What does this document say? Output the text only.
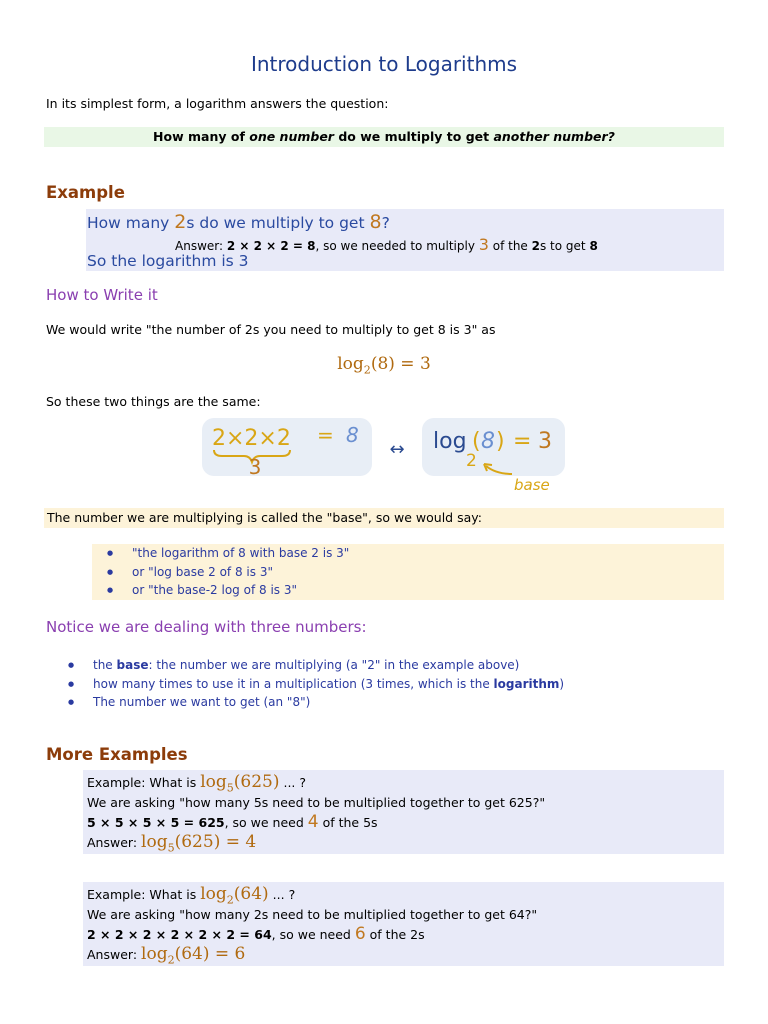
Introduction to Logarithms
In its simplest form, a logarithm answers the question:
How many of one number do we multiply to get another number?
Example
How many 2s do we multiply to get 8?
Answer: 2 × 2 × 2 = 8, so we needed to multiply 3 of the 2s to get 8
So the logarithm is 3
How to Write it
We would write "the number of 2s you need to multiply to get 8 is 3" as
$\log_2(8) = 3$
So these two things are the same:
2×2×2
3
= 8
↔ log ( 8 ) = 3
2
base
The number we are multiplying is called the "base", so we would say:
● "the logarithm of 8 with base 2 is 3"
● or "log base 2 of 8 is 3"
● or "the base-2 log of 8 is 3"
Notice we are dealing with three numbers:
● the base: the number we are multiplying (a "2" in the example above)
● how many times to use it in a multiplication (3 times, which is the logarithm)
● The number we want to get (an "8")
More Examples
Example: What is $\log_5(625)$ ... ?
We are asking "how many 5s need to be multiplied together to get 625?"
5 × 5 × 5 × 5 = 625, so we need 4 of the 5s
Answer: $\log_5(625) = 4$
Example: What is $\log_2(64)$ ... ?
We are asking "how many 2s need to be multiplied together to get 64?"
2 × 2 × 2 × 2 × 2 × 2 = 64, so we need 6 of the 2s
Answer: $\log_2(64) = 6$
